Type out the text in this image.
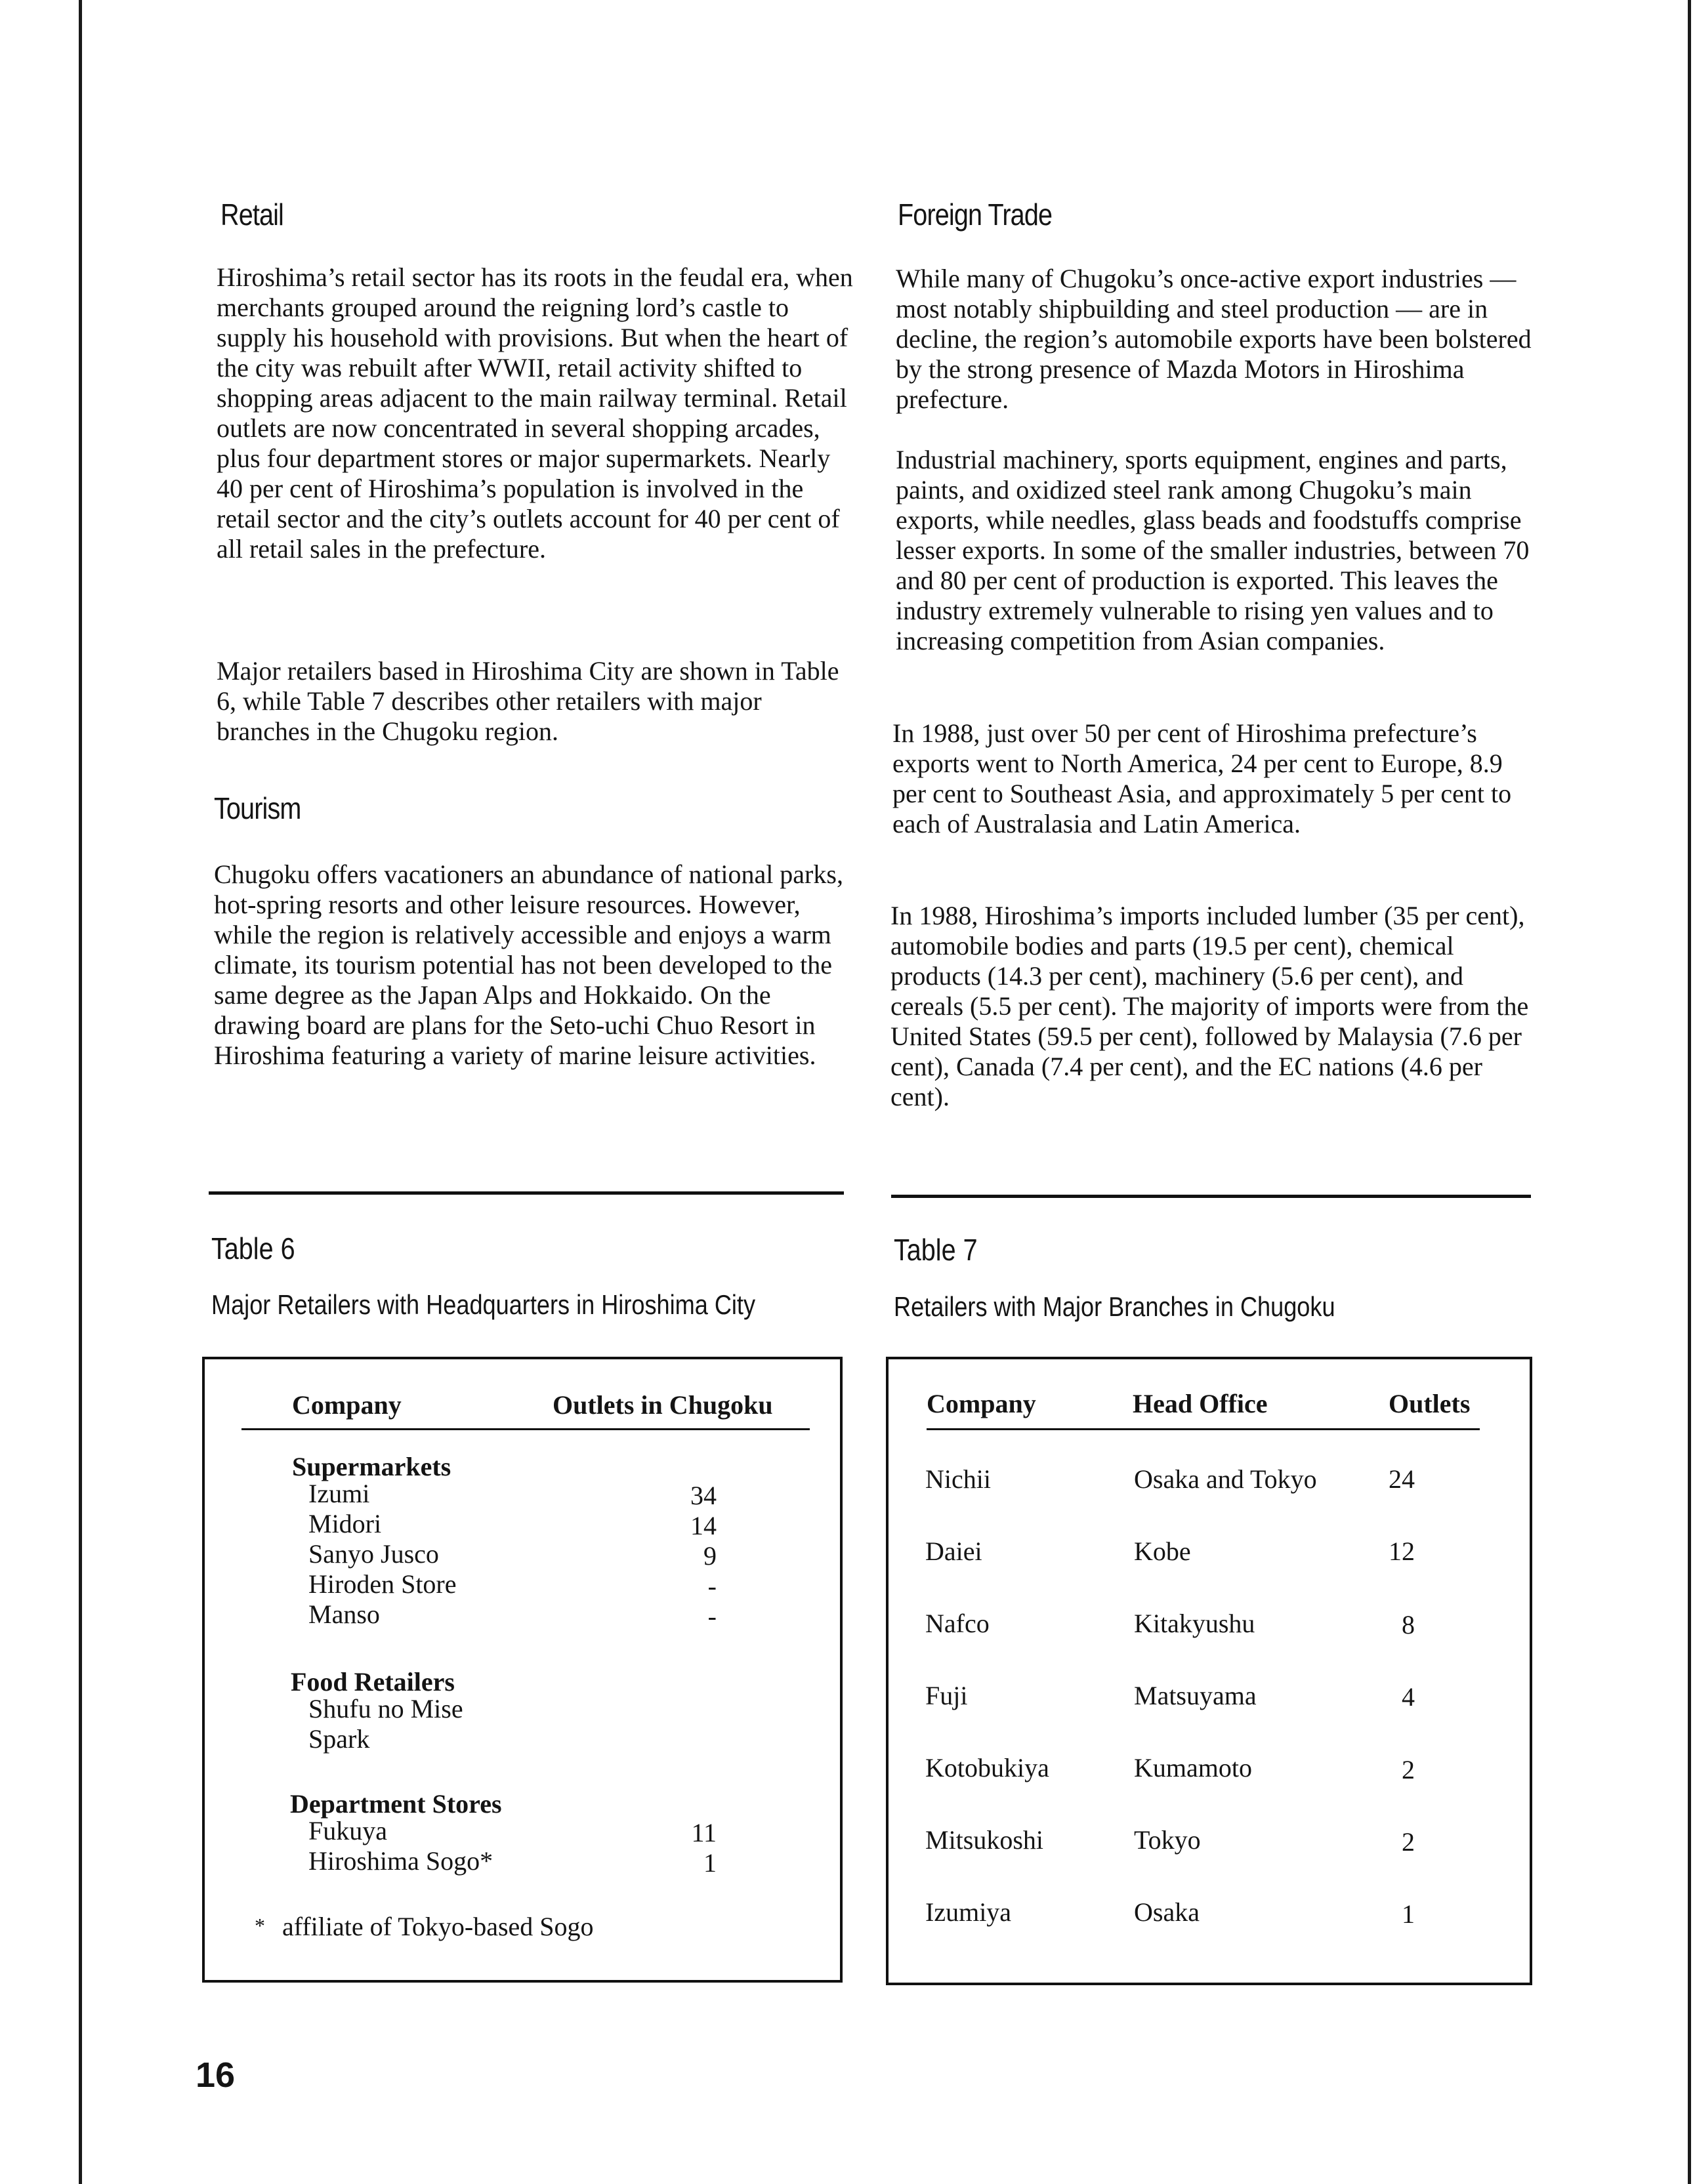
Retail

Hiroshima’s retail sector has its roots in the feudal era, when merchants grouped around the reigning lord’s castle to supply his household with provisions. But when the heart of the city was rebuilt after WWII, retail activity shifted to shopping areas adjacent to the main railway terminal. Retail outlets are now concentrated in several shopping arcades, plus four department stores or major supermarkets. Nearly 40 per cent of Hiroshima’s population is involved in the retail sector and the city’s outlets account for 40 per cent of all retail sales in the prefecture.

Major retailers based in Hiroshima City are shown in Table 6, while Table 7 describes other retailers with major branches in the Chugoku region.

Tourism

Chugoku offers vacationers an abundance of national parks, hot-spring resorts and other leisure resources. However, while the region is relatively accessible and enjoys a warm climate, its tourism potential has not been developed to the same degree as the Japan Alps and Hokkaido. On the drawing board are plans for the Seto-uchi Chuo Resort in Hiroshima featuring a variety of marine leisure activities.

Foreign Trade

While many of Chugoku’s once-active export industries — most notably shipbuilding and steel production — are in decline, the region’s automobile exports have been bolstered by the strong presence of Mazda Motors in Hiroshima prefecture.

Industrial machinery, sports equipment, engines and parts, paints, and oxidized steel rank among Chugoku’s main exports, while needles, glass beads and foodstuffs comprise lesser exports. In some of the smaller industries, between 70 and 80 per cent of production is exported. This leaves the industry extremely vulnerable to rising yen values and to increasing competition from Asian companies.

In 1988, just over 50 per cent of Hiroshima prefecture’s exports went to North America, 24 per cent to Europe, 8.9 per cent to Southeast Asia, and approximately 5 per cent to each of Australasia and Latin America.

In 1988, Hiroshima’s imports included lumber (35 per cent), automobile bodies and parts (19.5 per cent), chemical products (14.3 per cent), machinery (5.6 per cent), and cereals (5.5 per cent). The majority of imports were from the United States (59.5 per cent), followed by Malaysia (7.6 per cent), Canada (7.4 per cent), and the EC nations (4.6 per cent).

Table 6
Major Retailers with Headquarters in Hiroshima City
Company	Outlets in Chugoku
Supermarkets
Izumi	34
Midori	14
Sanyo Jusco	9
Hiroden Store	-
Manso	-
Food Retailers
Shufu no Mise
Spark
Department Stores
Fukuya	11
Hiroshima Sogo*	1
* affiliate of Tokyo-based Sogo
Table 7
Retailers with Major Branches in Chugoku
Company	Head Office	Outlets
Nichii	Osaka and Tokyo	24
Daiei	Kobe	12
Nafco	Kitakyushu	8
Fuji	Matsuyama	4
Kotobukiya	Kumamoto	2
Mitsukoshi	Tokyo	2
Izumiya	Osaka	1
16
